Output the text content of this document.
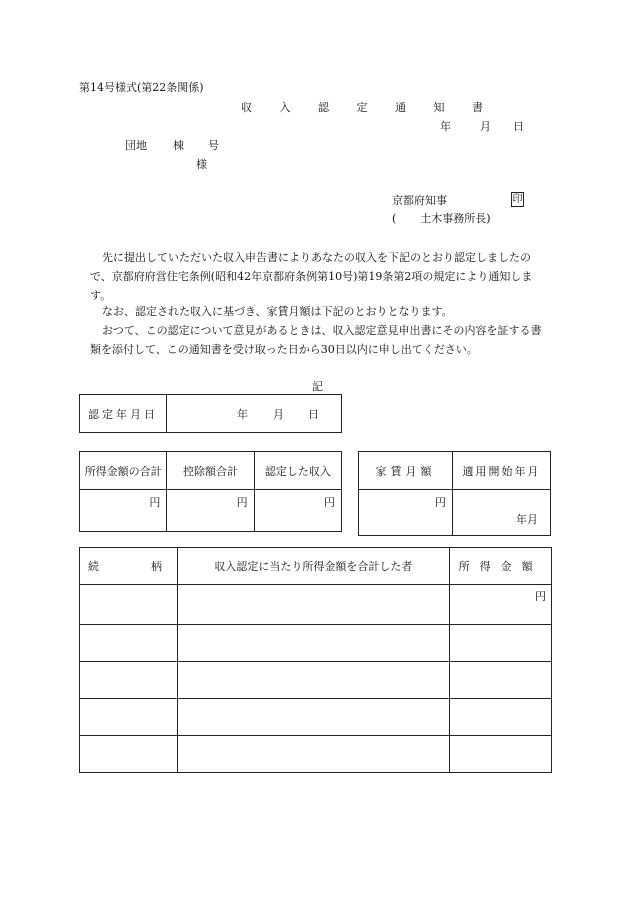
第14号様式(第22条関係)
収 入 認 定 通 知 書
年	月 日
団地 棟 号
様
京都府知事	印
( 土木事務所長)
先に提出していただいた収入申告書によりあなたの収入を下記のとおり認定しましたので、京都府府営住宅条例(昭和42年京都府条例第10号)第19条第2項の規定により通知します。
なお、認定された収入に基づき、家賃月額は下記のとおりとなります。
おつて、この認定について意見があるときは、収入認定意見申出書にその内容を証する書類を添付して、この通知書を受け取った日から30日以内に申し出てください。
記
認定年月日	年 月 日
所得金額の合計	控除額合計	認定した収入
円	円	円
家賃月額	適用開始年月
円	年月
続 柄	収入認定に当たり所得金額を合計した者	所得金額
		円
